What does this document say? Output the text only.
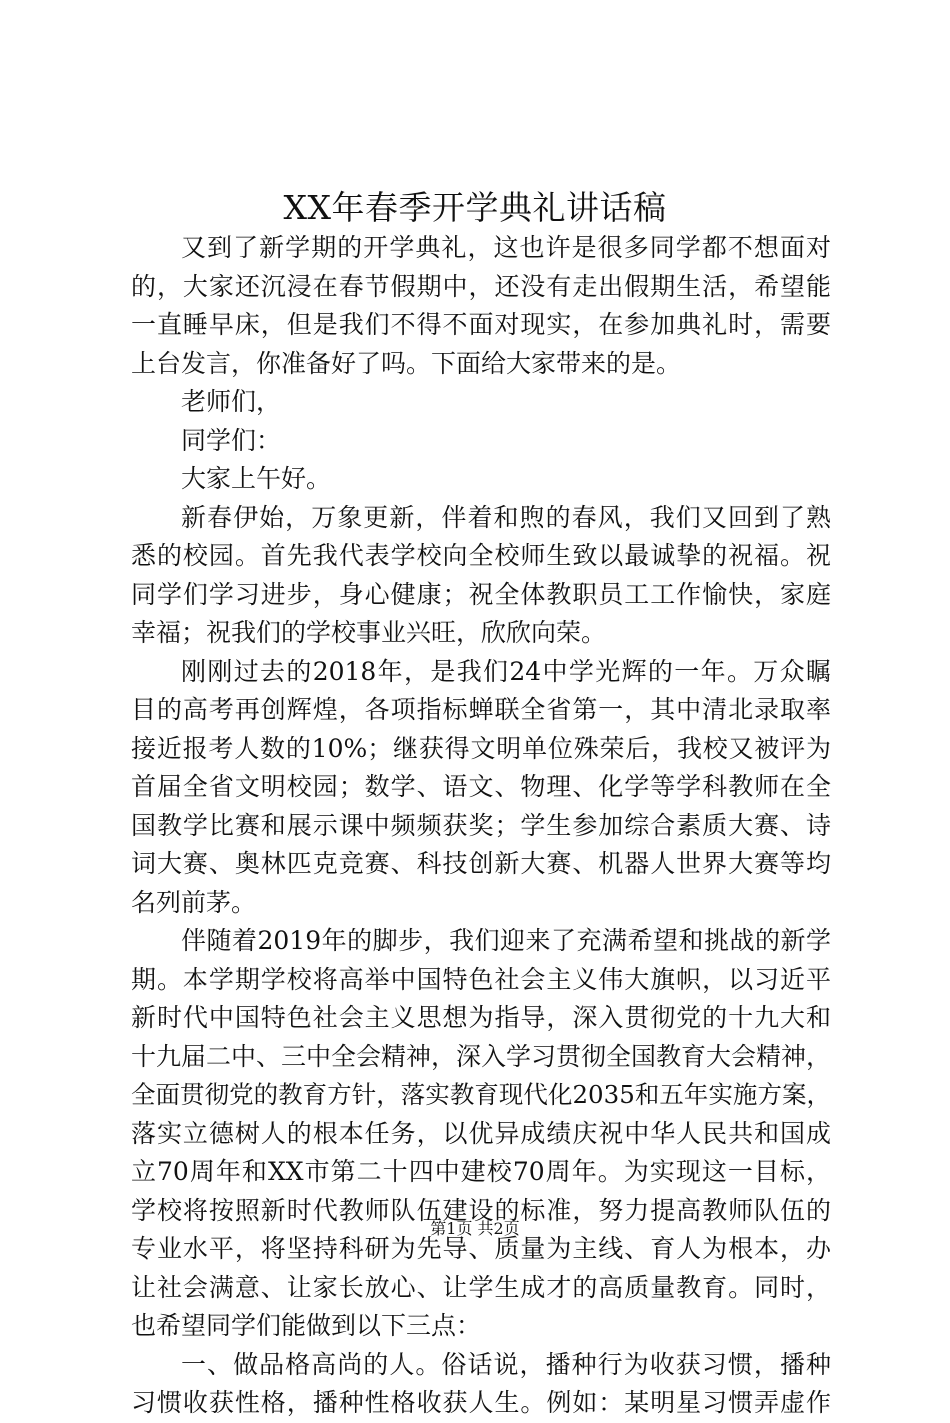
XX年春季开学典礼讲话稿
又到了新学期的开学典礼，这也许是很多同学都不想面对
的，大家还沉浸在春节假期中，还没有走出假期生活，希望能
一直睡早床，但是我们不得不面对现实，在参加典礼时，需要
上台发言，你准备好了吗。下面给大家带来的是。
老师们，
同学们：
大家上午好。
新春伊始，万象更新，伴着和煦的春风，我们又回到了熟
悉的校园。首先我代表学校向全校师生致以最诚挚的祝福。祝
同学们学习进步，身心健康；祝全体教职员工工作愉快，家庭
幸福；祝我们的学校事业兴旺，欣欣向荣。
刚刚过去的2018年，是我们24中学光辉的一年。万众瞩
目的高考再创辉煌，各项指标蝉联全省第一，其中清北录取率
接近报考人数的10%；继获得文明单位殊荣后，我校又被评为
首届全省文明校园；数学、语文、物理、化学等学科教师在全
国教学比赛和展示课中频频获奖；学生参加综合素质大赛、诗
词大赛、奥林匹克竞赛、科技创新大赛、机器人世界大赛等均
名列前茅。
伴随着2019年的脚步，我们迎来了充满希望和挑战的新学
期。本学期学校将高举中国特色社会主义伟大旗帜，以习近平
新时代中国特色社会主义思想为指导，深入贯彻党的十九大和
十九届二中、三中全会精神，深入学习贯彻全国教育大会精神，
全面贯彻党的教育方针，落实教育现代化2035和五年实施方案，
落实立德树人的根本任务，以优异成绩庆祝中华人民共和国成
立70周年和XX市第二十四中建校70周年。为实现这一目标，
学校将按照新时代教师队伍建设的标准，努力提高教师队伍的
专业水平，将坚持科研为先导、质量为主线、育人为根本，办
让社会满意、让家长放心、让学生成才的高质量教育。同时，
也希望同学们能做到以下三点：
一、做品格高尚的人。俗话说，播种行为收获习惯，播种
习惯收获性格，播种性格收获人生。例如：某明星习惯弄虚作
第1页 共2页
